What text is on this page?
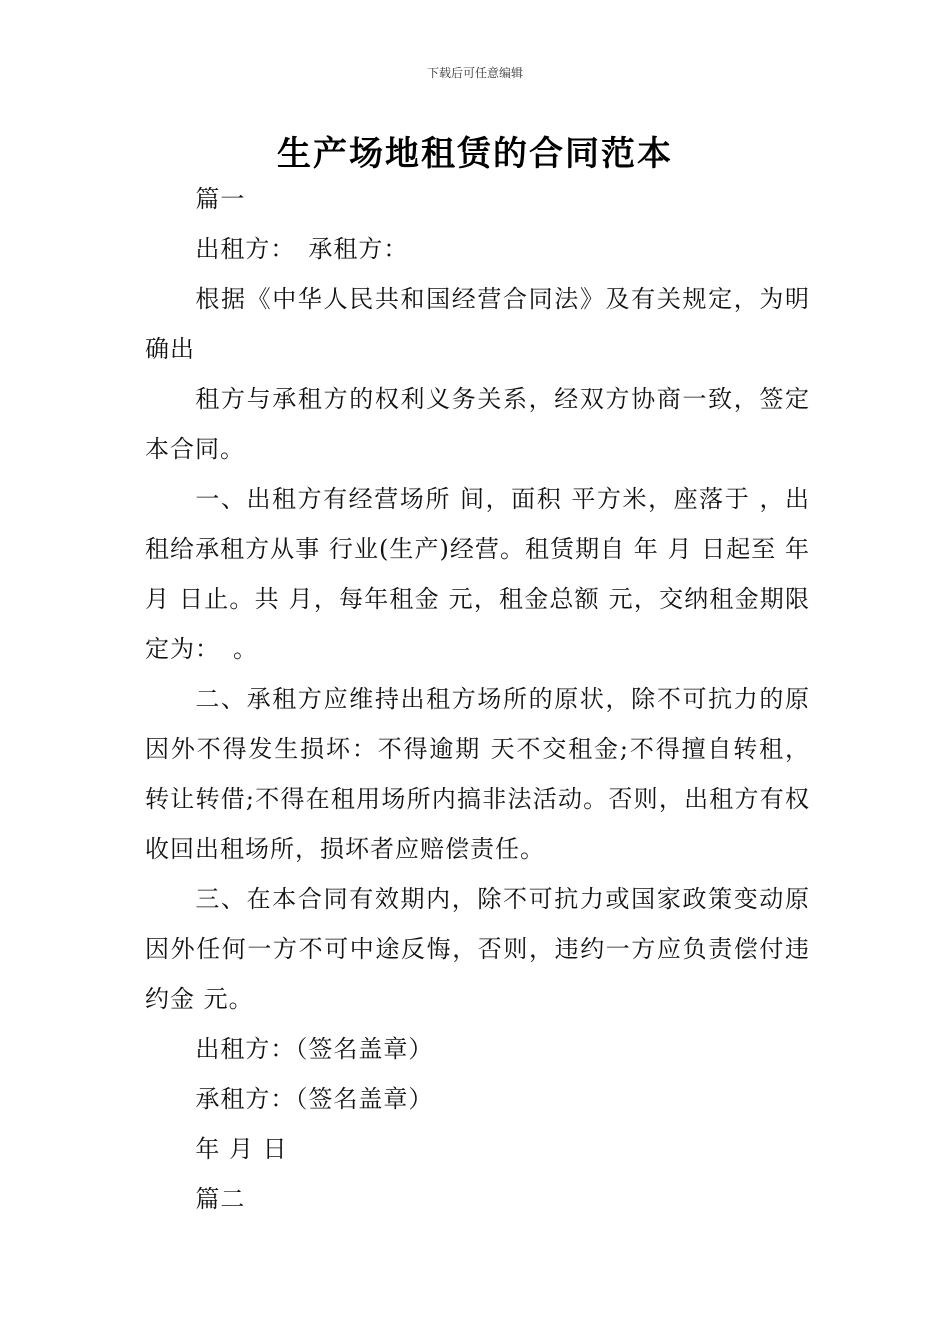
下载后可任意编辑
生产场地租赁的合同范本

篇一

出租方：　承租方：

根据《中华人民共和国经营合同法》及有关规定，为明确出

租方与承租方的权利义务关系，经双方协商一致，签定本合同。

一、出租方有经营场所 间，面积 平方米，座落于 ，出租给承租方从事 行业(生产)经营。租赁期自 年 月 日起至 年 月 日止。共 月，每年租金 元，租金总额 元，交纳租金期限定为：　。

二、承租方应维持出租方场所的原状，除不可抗力的原因外不得发生损坏：不得逾期 天不交租金;不得擅自转租，转让转借;不得在租用场所内搞非法活动。否则，出租方有权收回出租场所，损坏者应赔偿责任。

三、在本合同有效期内，除不可抗力或国家政策变动原因外任何一方不可中途反悔，否则，违约一方应负责偿付违约金 元。

出租方：（签名盖章）

承租方：（签名盖章）

年 月 日

篇二
